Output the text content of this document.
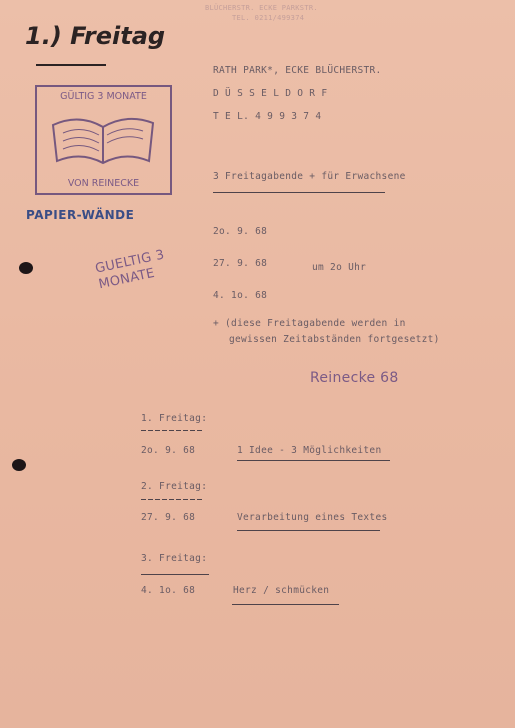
BLÜCHERSTR. ECKE PARKSTR.
TEL. 0211/499374
1.) Freitag
GÜLTIG 3 MONATE
VON REINECKE
PAPIER-WÄNDE
RATH PARK*, ECKE BLÜCHERSTR.
D Ü S S E L D O R F
T E L. 4 9 9 3 7 4
3 Freitagabende + für Erwachsene
2o. 9. 68
27. 9. 68	um 2o Uhr
4. 1o. 68
+ (diese Freitagabende werden in
gewissen Zeitabständen fortgesetzt)
GUELTIG 3 MONATE
Reinecke 68
1. Freitag:
2o. 9. 68	1 Idee - 3 Möglichkeiten
2. Freitag:
27. 9. 68	Verarbeitung eines Textes
3. Freitag:
4. 1o. 68	Herz / schmücken
